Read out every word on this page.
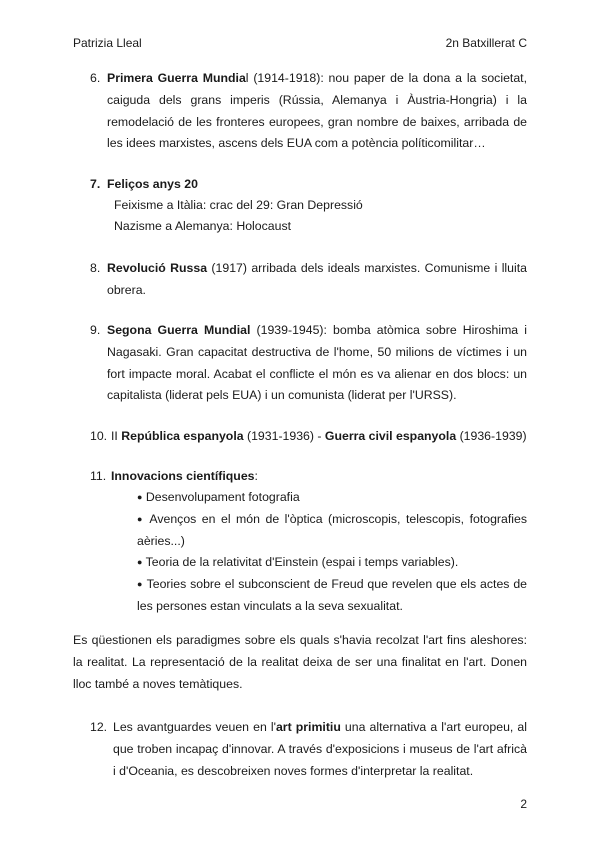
Patrizia Lleal	2n Batxillerat C

6. Primera Guerra Mundial (1914-1918): nou paper de la dona a la societat, caiguda dels grans imperis (Rússia, Alemanya i Àustria-Hongria) i la remodelació de les fronteres europees, gran nombre de baixes, arribada de les idees marxistes, ascens dels EUA com a potència políticomilitar…

7. Feliços anys 20

Feixisme a Itàlia: crac del 29: Gran Depressió
Nazisme a Alemanya: Holocaust

8. Revolució Russa (1917) arribada dels ideals marxistes. Comunisme i lluita obrera.

9. Segona Guerra Mundial (1939-1945): bomba atòmica sobre Hiroshima i Nagasaki. Gran capacitat destructiva de l'home, 50 milions de víctimes i un fort impacte moral. Acabat el conflicte el món es va alienar en dos blocs: un capitalista (liderat pels EUA) i un comunista (liderat per l'URSS).

10. II República espanyola (1931-1936) - Guerra civil espanyola (1936-1939)

11. Innovacions científiques:

● Desenvolupament fotografia

● Avenços en el món de l'òptica (microscopis, telescopis, fotografies aèries...)

● Teoria de la relativitat d'Einstein (espai i temps variables).

● Teories sobre el subconscient de Freud que revelen que els actes de les persones estan vinculats a la seva sexualitat.

Es qüestionen els paradigmes sobre els quals s'havia recolzat l'art fins aleshores: la realitat. La representació de la realitat deixa de ser una finalitat en l'art. Donen lloc també a noves temàtiques.

12. Les avantguardes veuen en l'art primitiu una alternativa a l'art europeu, al que troben incapaç d'innovar. A través d'exposicions i museus de l'art africà i d'Oceania, es descobreixen noves formes d'interpretar la realitat.

2
